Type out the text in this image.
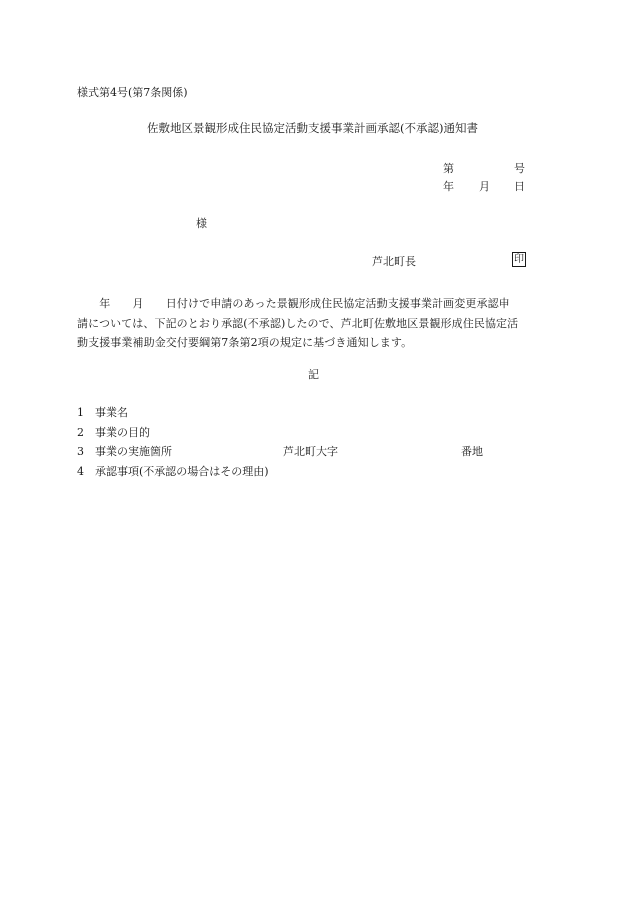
様式第4号(第7条関係)
佐敷地区景観形成住民協定活動支援事業計画承認(不承認)通知書
第	号
年 月 日
様
芦北町長	印
　　年　　月　　日付けで申請のあった景観形成住民協定活動支援事業計画変更承認申
請については、下記のとおり承認(不承認)したので、芦北町佐敷地区景観形成住民協定活
動支援事業補助金交付要綱第7条第2項の規定に基づき通知します。
記
1 事業名
2 事業の目的
3 事業の実施箇所	芦北町大字	番地
4 承認事項(不承認の場合はその理由)
